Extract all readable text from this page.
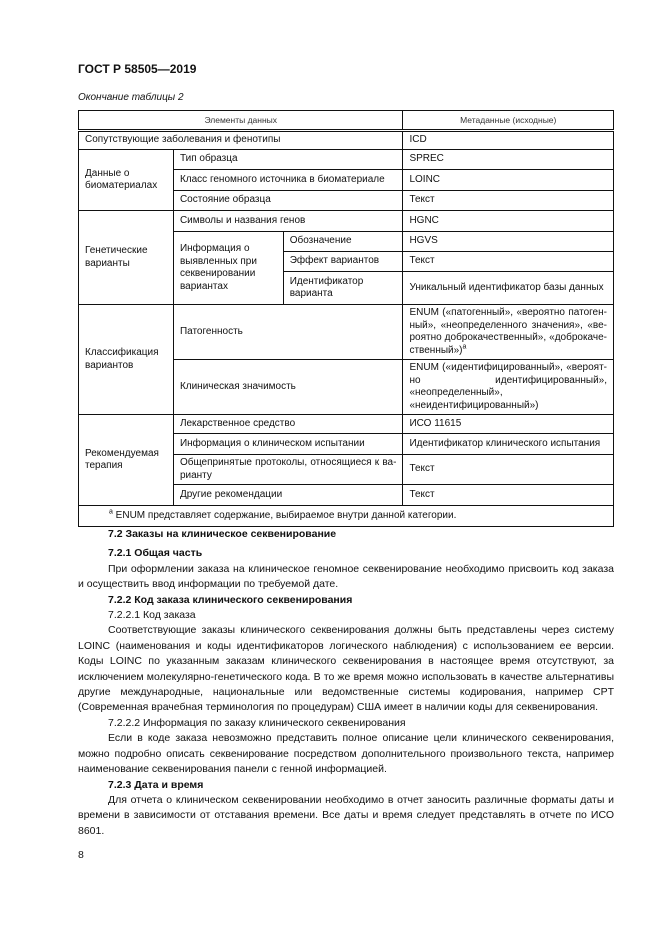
ГОСТ Р 58505—2019
Окончание таблицы 2
Элементы данных			Метаданные (исходные)
Сопутствующие заболевания и фенотипы			ICD
Данные о биоматериалах	Тип образца		SPREC
	Класс геномного источника в биоматериале		LOINC
	Состояние образца		Текст
Генетические варианты	Символы и названия генов		HGNC
	Информация о выявленных при секвенировании вариантах	Обозначение	HGVS
		Эффект вариантов	Текст
		Идентификатор варианта	Уникальный идентификатор базы данных
Классификация вариантов	Патогенность		ENUM («патогенный», «вероятно патогенный», «неопределенного значения», «вероятно доброкачественный», «доброкачественный»)$^a$
	Клиническая значимость		ENUM («идентифицированный», «вероятно идентифицированный», «неопределенный», «неидентифицированный»)
Рекомендуемая терапия	Лекарственное средство		ИСО 11615
	Информация о клиническом испытании		Идентификатор клинического испытания
	Общепринятые протоколы, относящиеся к варианту		Текст
	Другие рекомендации		Текст
$^a$ ENUM представляет содержание, выбираемое внутри данной категории.			
7.2 Заказы на клиническое секвенирование
7.2.1 Общая часть

При оформлении заказа на клиническое геномное секвенирование необходимо присвоить код заказа и осуществить ввод информации по требуемой дате.

7.2.2 Код заказа клинического секвенирования
7.2.2.1 Код заказа

Соответствующие заказы клинического секвенирования должны быть представлены через систему LOINC (наименования и коды идентификаторов логического наблюдения) с использованием ее версии. Коды LOINC по указанным заказам клинического секвенирования в настоящее время отсутствуют, за исключением молекулярно-генетического кода. В то же время можно использовать в качестве альтернативы другие международные, национальные или ведомственные системы кодирования, например CPT (Современная врачебная терминология по процедурам) США имеет в наличии коды для секвенирования.

7.2.2.2 Информация по заказу клинического секвенирования

Если в коде заказа невозможно представить полное описание цели клинического секвенирования, можно подробно описать секвенирование посредством дополнительного произвольного текста, например наименование секвенирования панели с генной информацией.

7.2.3 Дата и время

Для отчета о клиническом секвенировании необходимо в отчет заносить различные форматы даты и времени в зависимости от отставания времени. Все даты и время следует представлять в отчете по ИСО 8601.

8
